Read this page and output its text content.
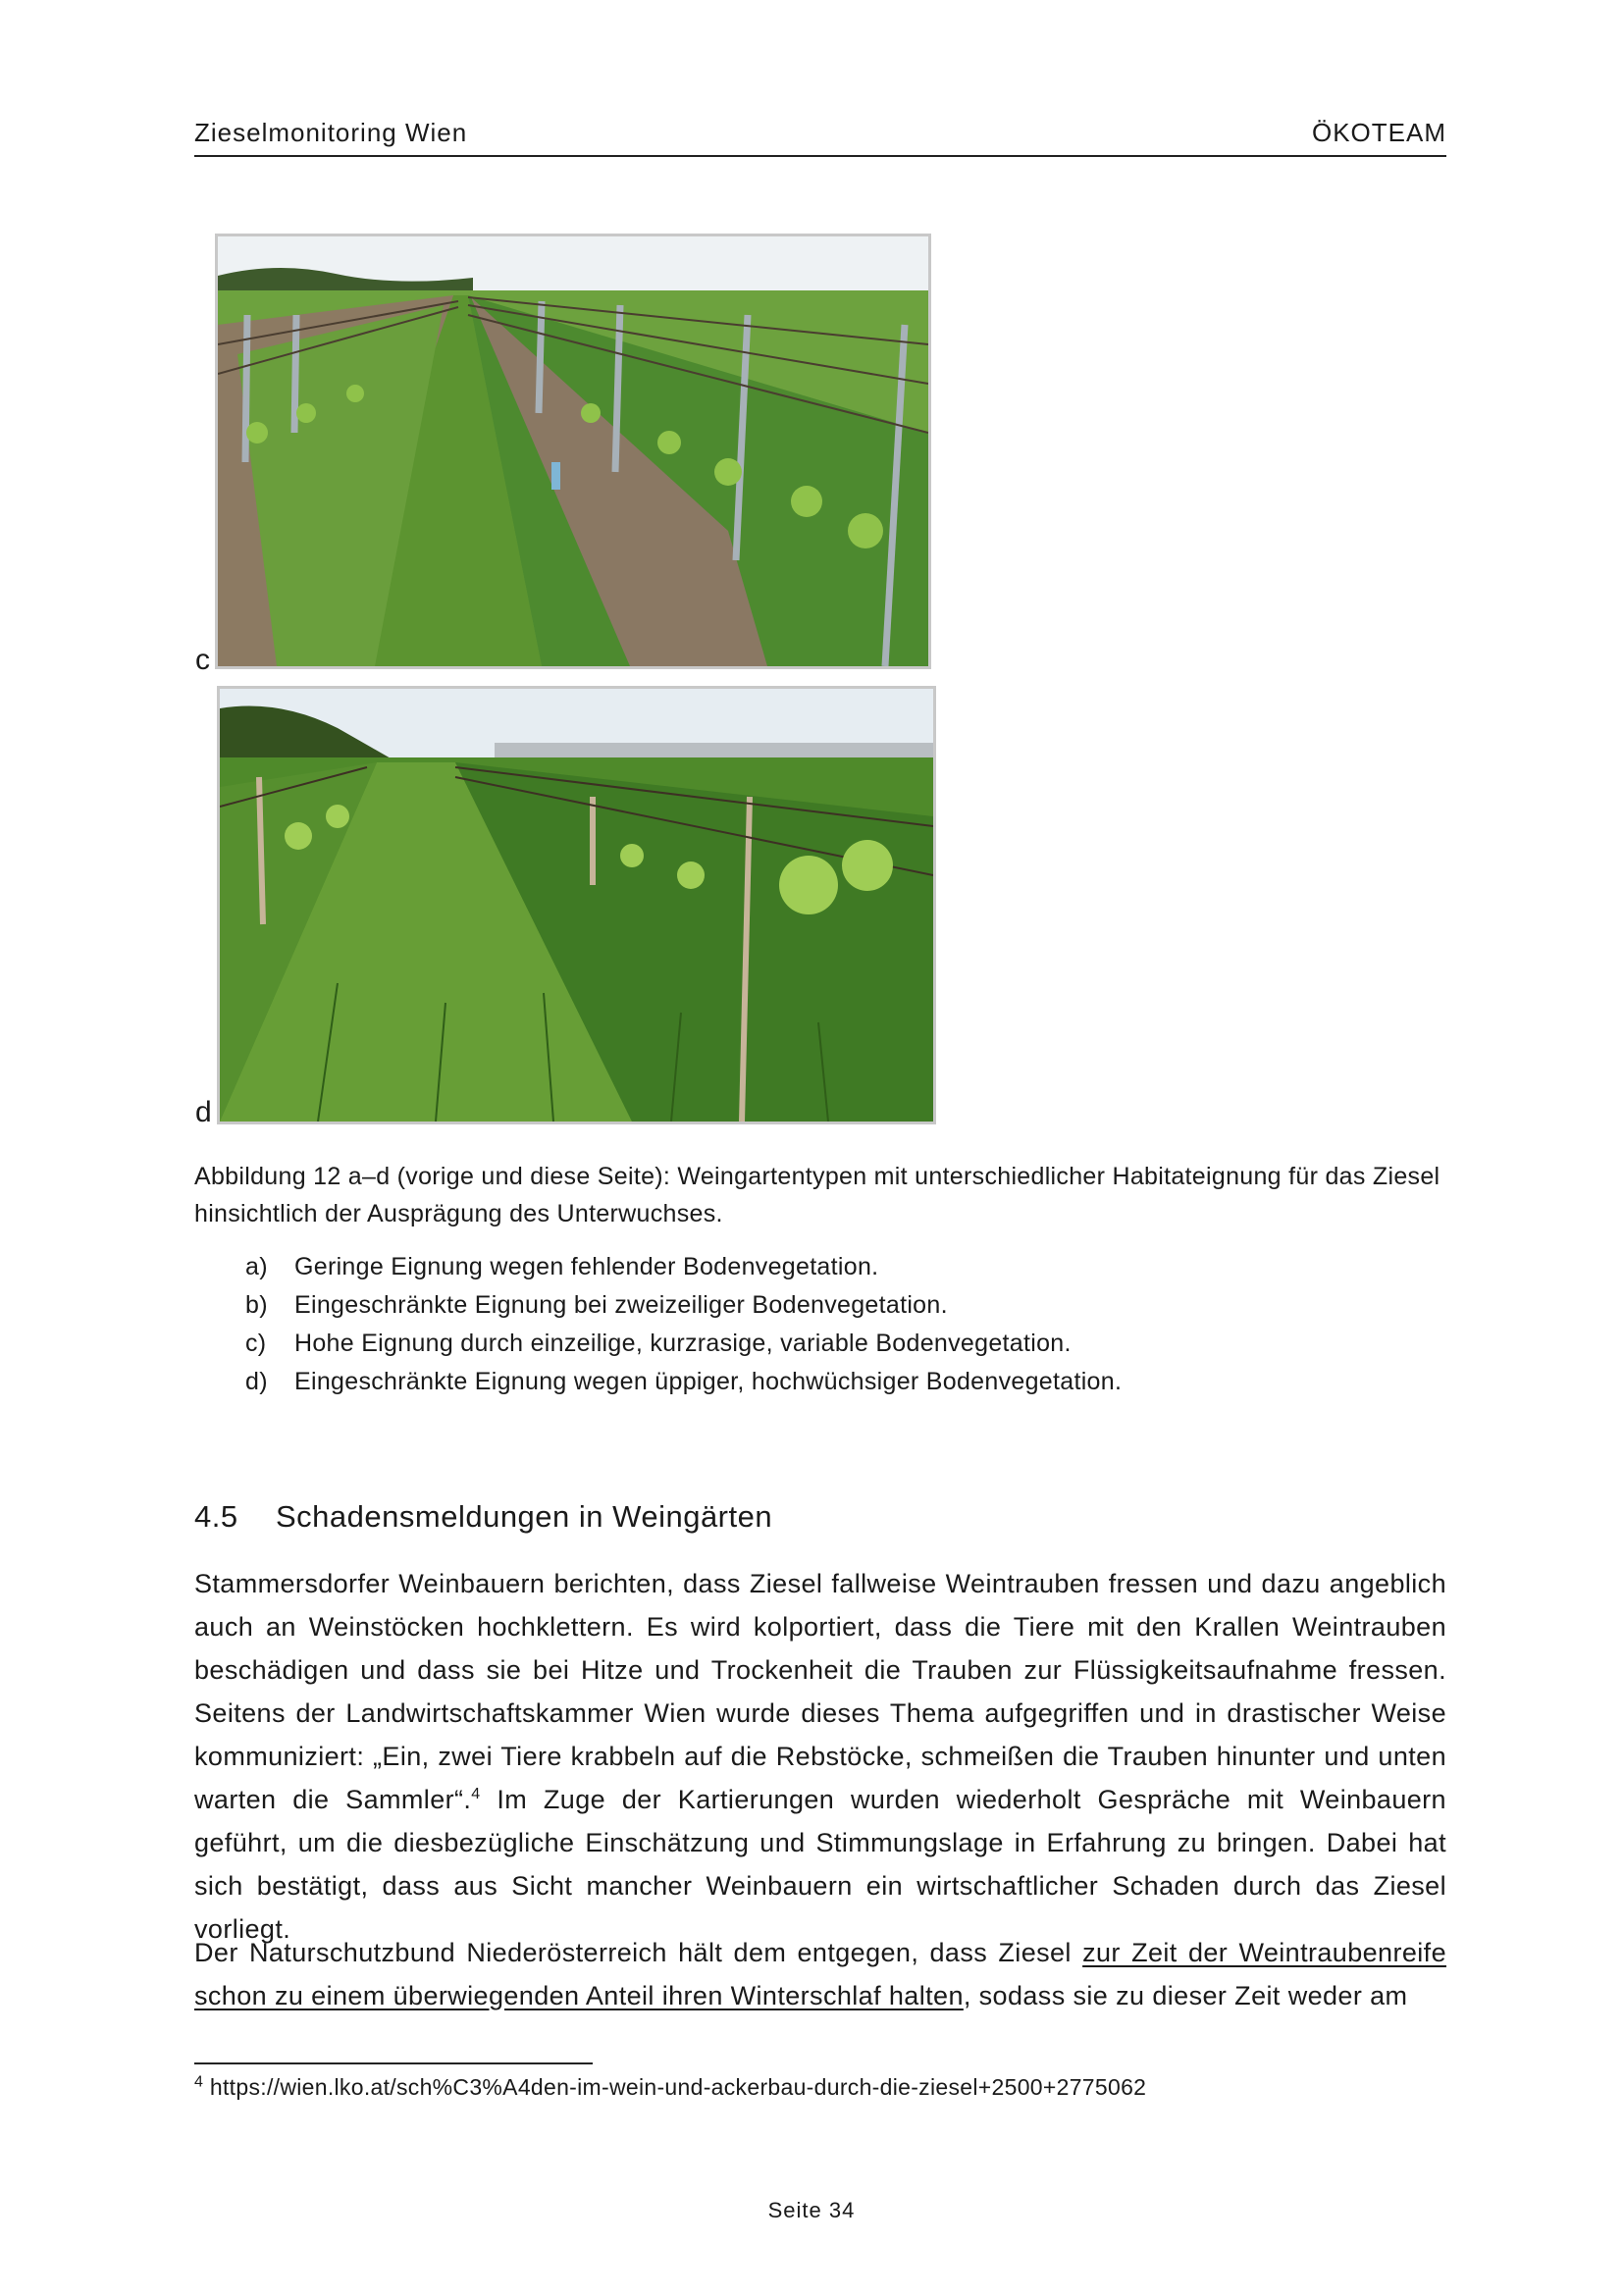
Zieselmonitoring Wien	ÖKOTEAM
c
d
Abbildung 12 a–d (vorige und diese Seite): Weingartentypen mit unterschiedlicher Habitateignung für das Ziesel hinsichtlich der Ausprägung des Unterwuchses.
a)	Geringe Eignung wegen fehlender Bodenvegetation.
b)	Eingeschränkte Eignung bei zweizeiliger Bodenvegetation.
c)	Hohe Eignung durch einzeilige, kurzrasige, variable Bodenvegetation.
d)	Eingeschränkte Eignung wegen üppiger, hochwüchsiger Bodenvegetation.
4.5 Schadensmeldungen in Weingärten
Stammersdorfer Weinbauern berichten, dass Ziesel fallweise Weintrauben fressen und dazu angeblich auch an Weinstöcken hochklettern. Es wird kolportiert, dass die Tiere mit den Krallen Weintrauben beschädigen und dass sie bei Hitze und Trockenheit die Trauben zur Flüssigkeitsaufnahme fressen. Seitens der Landwirtschaftskammer Wien wurde dieses Thema aufgegriffen und in drastischer Weise kommuniziert: „Ein, zwei Tiere krabbeln auf die Rebstöcke, schmeißen die Trauben hinunter und unten warten die Sammler“.$^4$ Im Zuge der Kartierungen wurden wiederholt Gespräche mit Weinbauern geführt, um die diesbezügliche Einschätzung und Stimmungslage in Erfahrung zu bringen. Dabei hat sich bestätigt, dass aus Sicht mancher Weinbauern ein wirtschaftlicher Schaden durch das Ziesel vorliegt.
Der Naturschutzbund Niederösterreich hält dem entgegen, dass Ziesel zur Zeit der Weintraubenreife schon zu einem überwiegenden Anteil ihren Winterschlaf halten, sodass sie zu dieser Zeit weder am
$^4$ https://wien.lko.at/sch%C3%A4den-im-wein-und-ackerbau-durch-die-ziesel+2500+2775062
Seite 34
